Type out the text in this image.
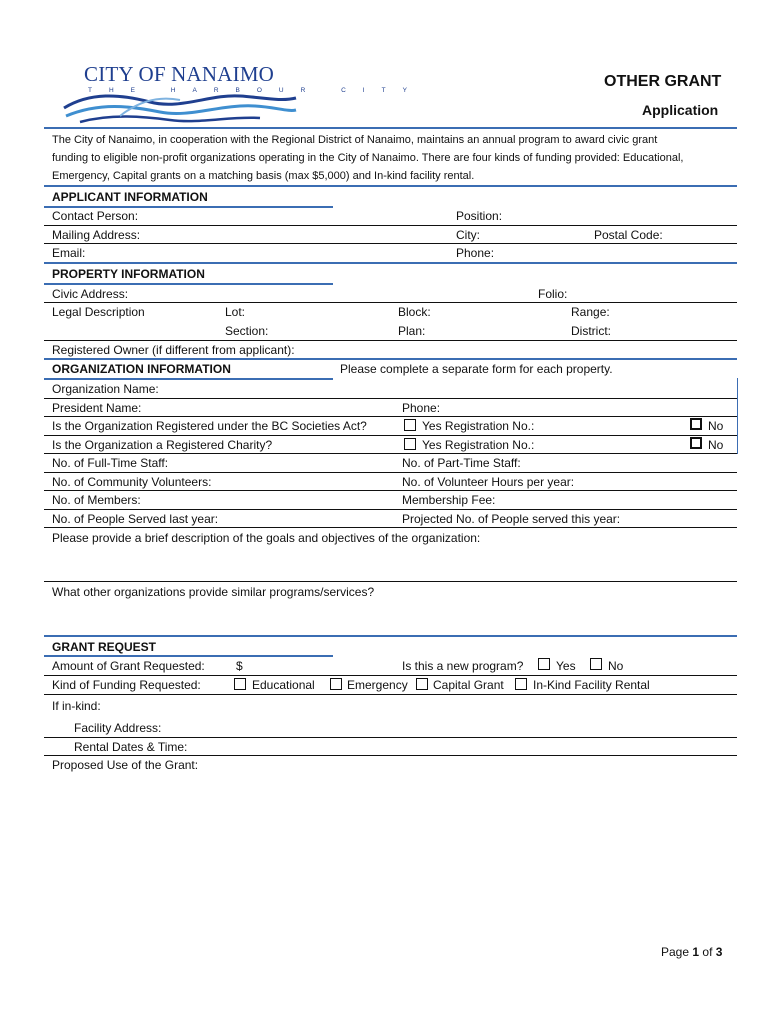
CITY OF NANAIMO
THE HARBOUR CITY
OTHER GRANT
Application
The City of Nanaimo, in cooperation with the Regional District of Nanaimo, maintains an annual program to award civic grant
funding to eligible non-profit organizations operating in the City of Nanaimo. There are four kinds of funding provided: Educational,
Emergency, Capital grants on a matching basis (max $5,000) and In-kind facility rental.
APPLICANT INFORMATION
Contact Person:	Position:
Mailing Address:	City:	Postal Code:
Email:	Phone:
PROPERTY INFORMATION
Civic Address:	Folio:
Legal Description	Lot:	Block:	Range:
Section:	Plan:	District:
Registered Owner (if different from applicant):
ORGANIZATION INFORMATION	Please complete a separate form for each property.
Organization Name:
President Name:	Phone:
Is the Organization Registered under the BC Societies Act?	Yes Registration No.:	No
Is the Organization a Registered Charity?	Yes Registration No.:	No
No. of Full-Time Staff:	No. of Part-Time Staff:
No. of Community Volunteers:	No. of Volunteer Hours per year:
No. of Members:	Membership Fee:
No. of People Served last year:	Projected No. of People served this year:
Please provide a brief description of the goals and objectives of the organization:
What other organizations provide similar programs/services?
GRANT REQUEST
Amount of Grant Requested:	$	Is this a new program?	Yes	No
Kind of Funding Requested:	Educational	Emergency Capital Grant In-Kind Facility Rental
If in-kind:
Facility Address:
Rental Dates & Time:
Proposed Use of the Grant:
Page 1 of 3
